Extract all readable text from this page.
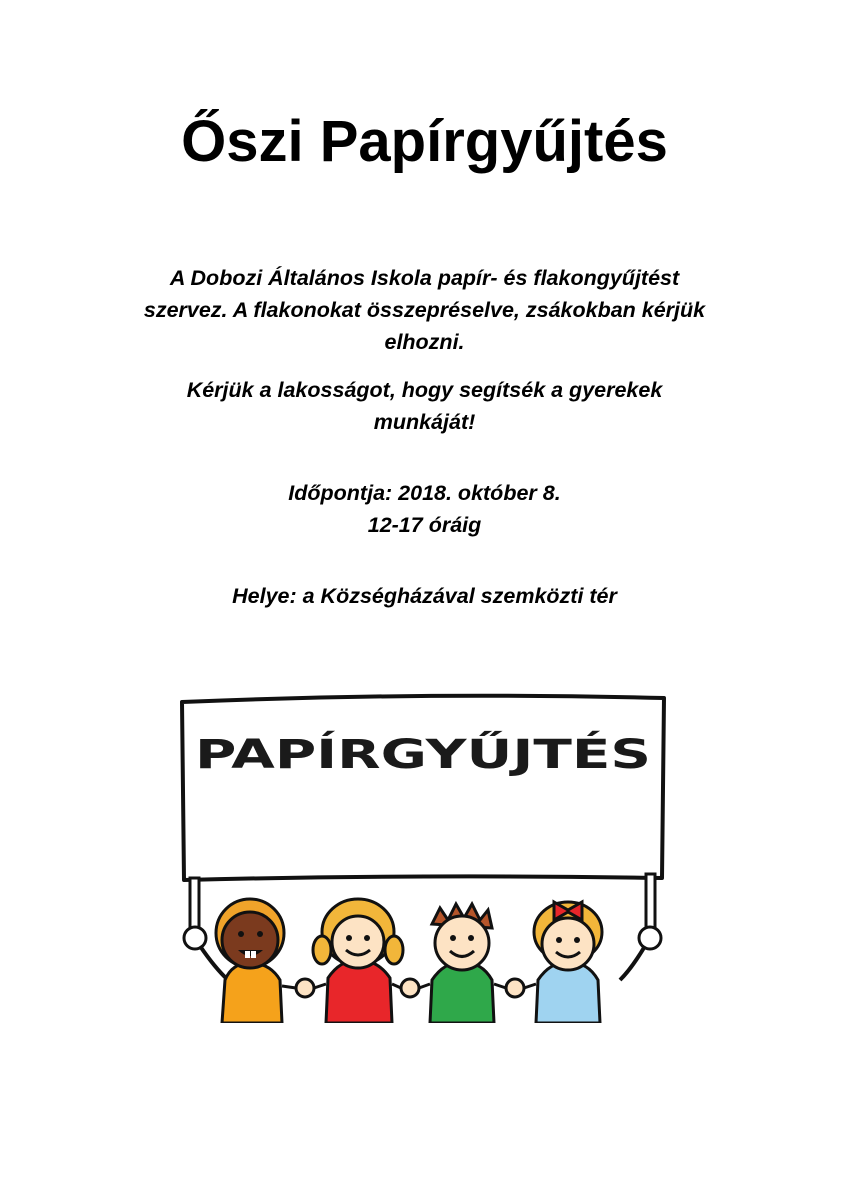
Őszi Papírgyűjtés
A Dobozi Általános Iskola papír- és flakongyűjtést
szervez. A flakonokat összepréselve, zsákokban kérjük
elhozni.
Kérjük a lakosságot, hogy segítsék a gyerekek
munkáját!
Időpontja: 2018. október 8.
12-17 óráig
Helye: a Községházával szemközti tér
PAPÍRGYŰJTÉS
